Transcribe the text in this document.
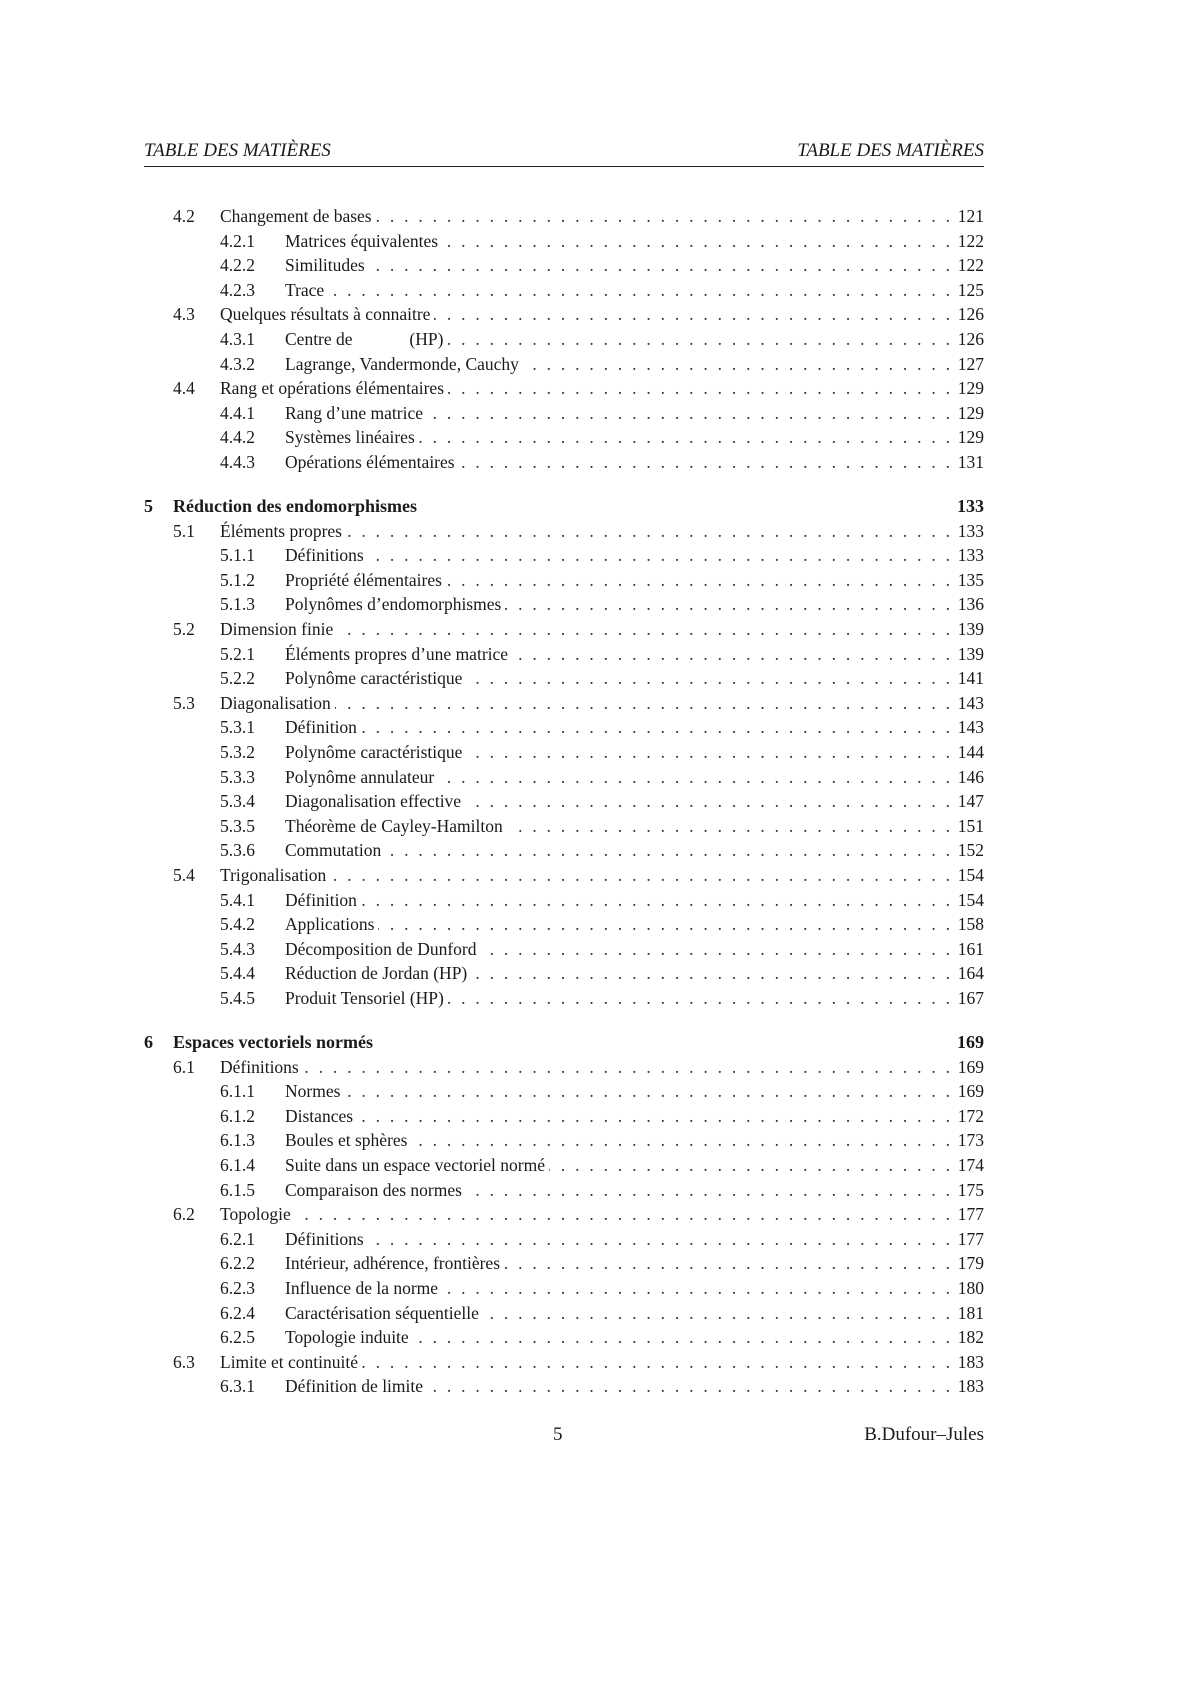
TABLE DES MATIÈRES	TABLE DES MATIÈRES
4.2	Changement de bases . . .	121
4.2.1	Matrices équivalentes . . .	122
4.2.2	Similitudes . . .	122
4.2.3	Trace . . .	125
4.3	Quelques résultats à connaitre . . .	126
4.3.1	Centre de             (HP) . . .	126
4.3.2	Lagrange, Vandermonde, Cauchy . . .	127
4.4	Rang et opérations élémentaires . . .	129
4.4.1	Rang d’une matrice . . .	129
4.4.2	Systèmes linéaires . . .	129
4.4.3	Opérations élémentaires . . .	131
5	Réduction des endomorphismes	133
5.1	Éléments propres . . .	133
5.1.1	Définitions . . .	133
5.1.2	Propriété élémentaires . . .	135
5.1.3	Polynômes d’endomorphismes . . .	136
5.2	Dimension finie . . .	139
5.2.1	Éléments propres d’une matrice . . .	139
5.2.2	Polynôme caractéristique . . .	141
5.3	Diagonalisation . . .	143
5.3.1	Définition . . .	143
5.3.2	Polynôme caractéristique . . .	144
5.3.3	Polynôme annulateur . . .	146
5.3.4	Diagonalisation effective . . .	147
5.3.5	Théorème de Cayley-Hamilton . . .	151
5.3.6	Commutation . . .	152
5.4	Trigonalisation . . .	154
5.4.1	Définition . . .	154
5.4.2	Applications . . .	158
5.4.3	Décomposition de Dunford . . .	161
5.4.4	Réduction de Jordan (HP) . . .	164
5.4.5	Produit Tensoriel (HP) . . .	167
6	Espaces vectoriels normés	169
6.1	Définitions . . .	169
6.1.1	Normes . . .	169
6.1.2	Distances . . .	172
6.1.3	Boules et sphères . . .	173
6.1.4	Suite dans un espace vectoriel normé . . .	174
6.1.5	Comparaison des normes . . .	175
6.2	Topologie . . .	177
6.2.1	Définitions . . .	177
6.2.2	Intérieur, adhérence, frontières . . .	179
6.2.3	Influence de la norme . . .	180
6.2.4	Caractérisation séquentielle . . .	181
6.2.5	Topologie induite . . .	182
6.3	Limite et continuité . . .	183
6.3.1	Définition de limite . . .	183
5	B.Dufour–Jules
